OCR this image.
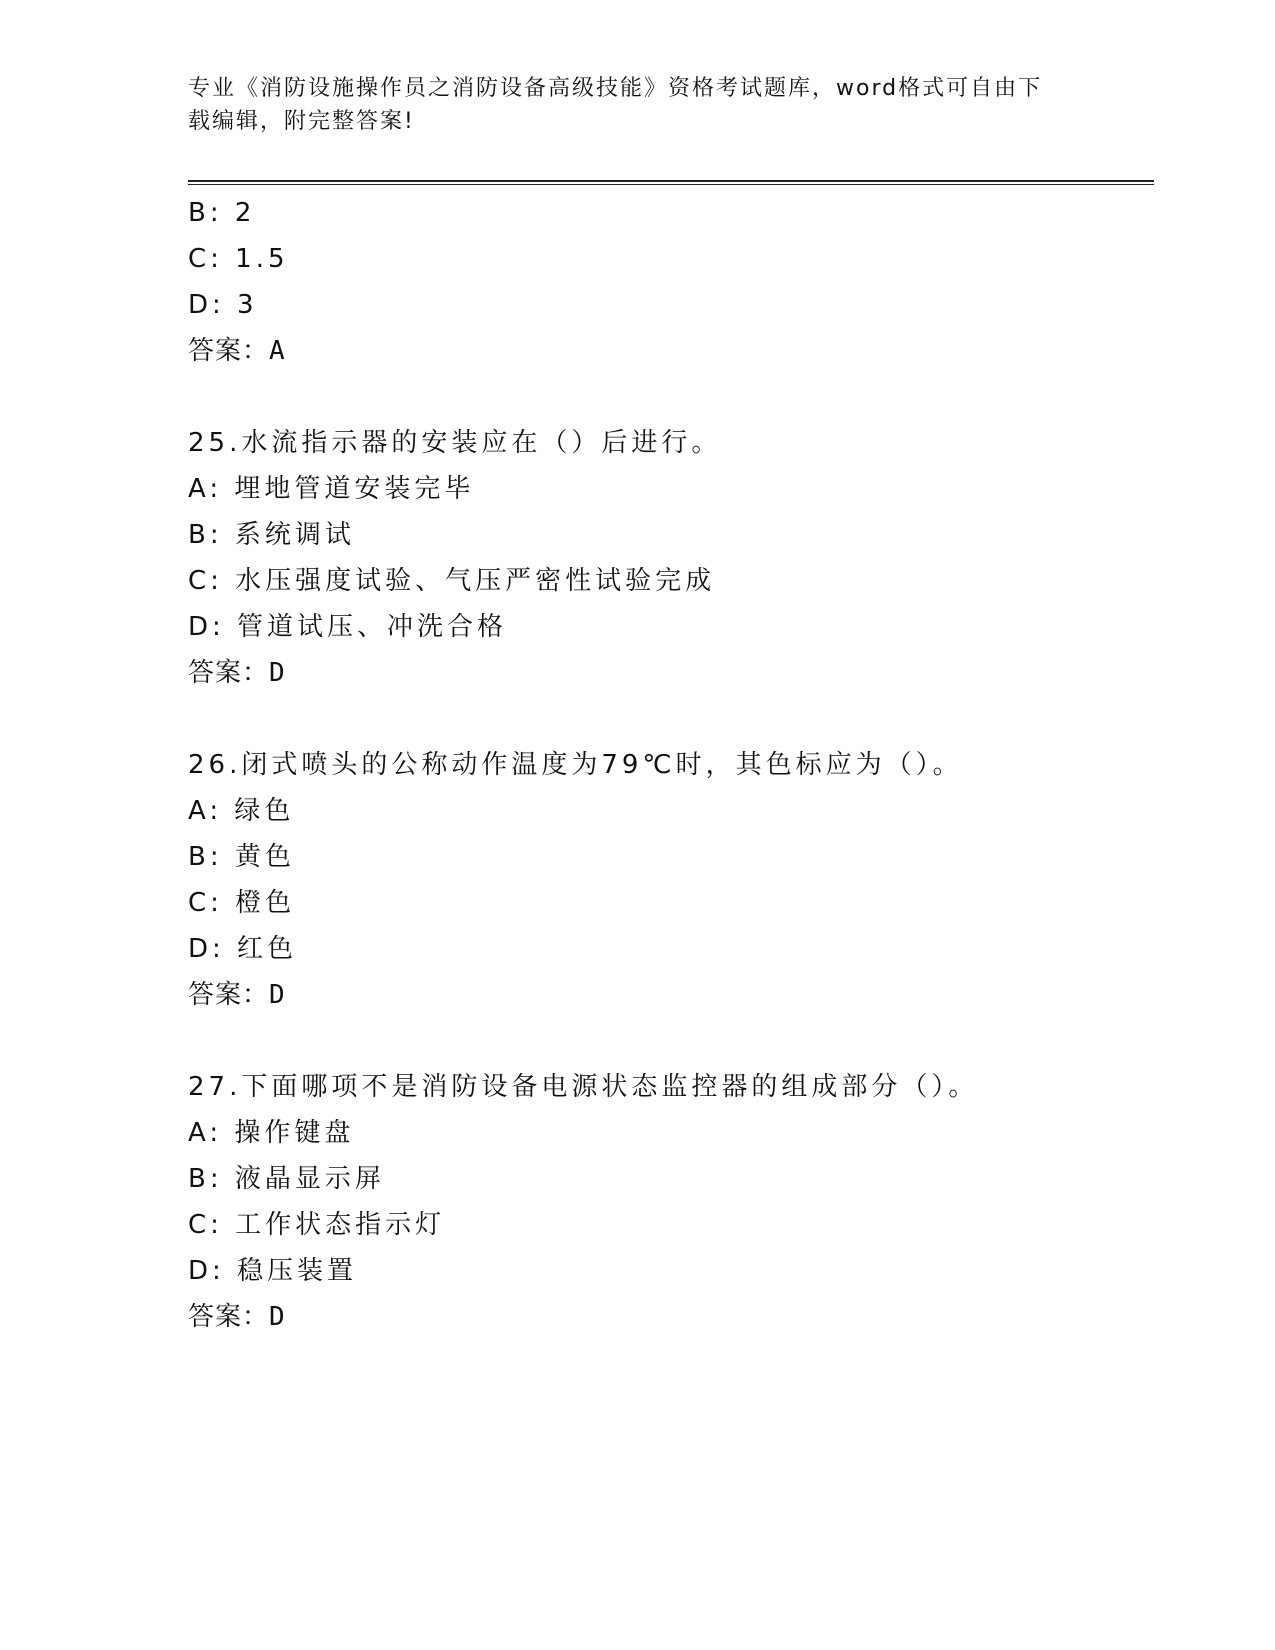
专业《消防设施操作员之消防设备高级技能》资格考试题库，word格式可自由下
载编辑，附完整答案!
B: 2
C: 1.5
D: 3
答案：A
25.水流指示器的安装应在（）后进行。
A: 埋地管道安装完毕
B: 系统调试
C: 水压强度试验、气压严密性试验完成
D: 管道试压、冲洗合格
答案：D
26.闭式喷头的公称动作温度为79℃时，其色标应为（）。
A: 绿色
B: 黄色
C: 橙色
D: 红色
答案：D
27.下面哪项不是消防设备电源状态监控器的组成部分（）。
A: 操作键盘
B: 液晶显示屏
C: 工作状态指示灯
D: 稳压装置
答案：D
